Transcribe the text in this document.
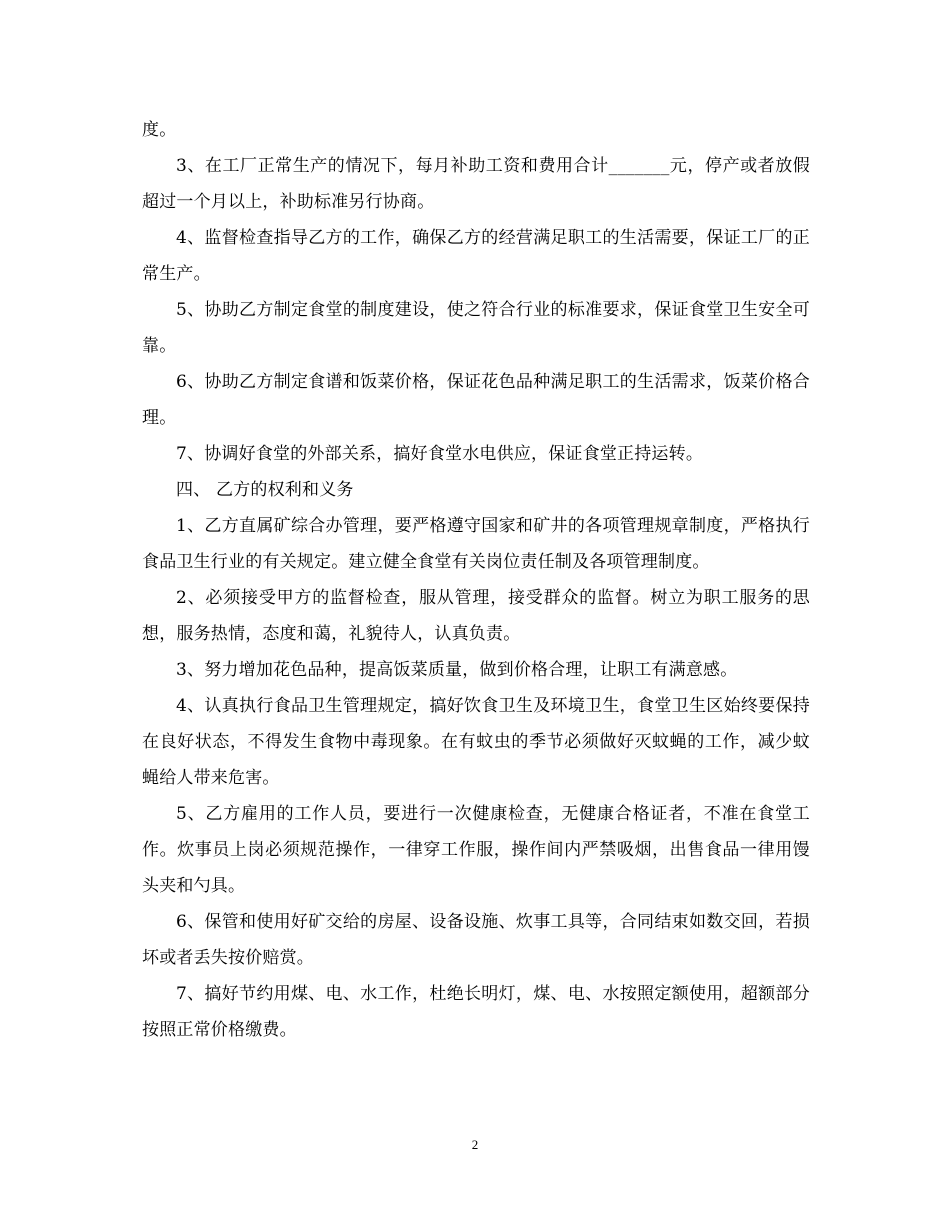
度。

3、在工厂正常生产的情况下，每月补助工资和费用合计_______元，停产或者放假超过一个月以上，补助标准另行协商。

4、监督检查指导乙方的工作，确保乙方的经营满足职工的生活需要，保证工厂的正常生产。

5、协助乙方制定食堂的制度建设，使之符合行业的标准要求，保证食堂卫生安全可靠。

6、协助乙方制定食谱和饭菜价格，保证花色品种满足职工的生活需求，饭菜价格合理。

7、协调好食堂的外部关系，搞好食堂水电供应，保证食堂正持运转。

四、 乙方的权利和义务

1、乙方直属矿综合办管理，要严格遵守国家和矿井的各项管理规章制度，严格执行食品卫生行业的有关规定。建立健全食堂有关岗位责任制及各项管理制度。

2、必须接受甲方的监督检查，服从管理，接受群众的监督。树立为职工服务的思想，服务热情，态度和蔼，礼貌待人，认真负责。

3、努力增加花色品种，提高饭菜质量，做到价格合理，让职工有满意感。

4、认真执行食品卫生管理规定，搞好饮食卫生及环境卫生，食堂卫生区始终要保持在良好状态，不得发生食物中毒现象。在有蚊虫的季节必须做好灭蚊蝇的工作，减少蚊蝇给人带来危害。

5、乙方雇用的工作人员，要进行一次健康检查，无健康合格证者，不准在食堂工作。炊事员上岗必须规范操作，一律穿工作服，操作间内严禁吸烟，出售食品一律用馒头夹和勺具。

6、保管和使用好矿交给的房屋、设备设施、炊事工具等，合同结束如数交回，若损坏或者丢失按价赔赏。

7、搞好节约用煤、电、水工作，杜绝长明灯，煤、电、水按照定额使用，超额部分按照正常价格缴费。

2
